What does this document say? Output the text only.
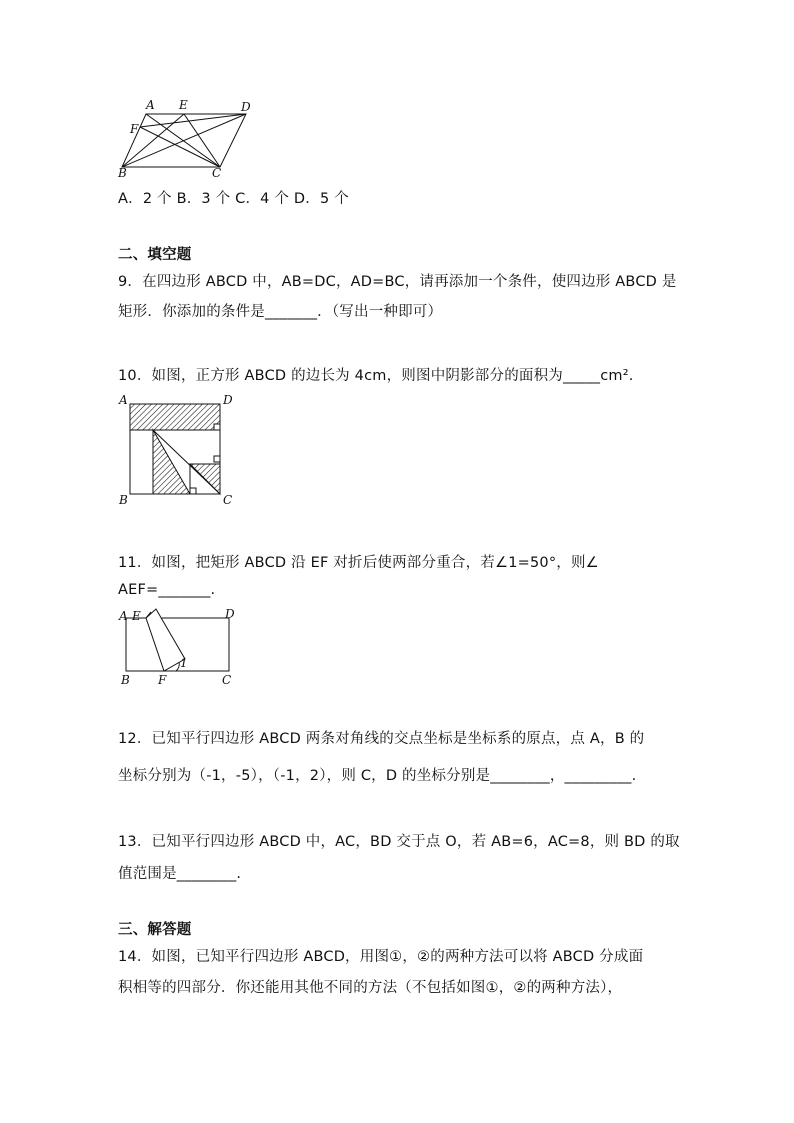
A E	D
F
B	C
A．2 个 B．3 个 C．4 个 D．5 个
二、填空题
9．在四边形 ABCD 中，AB=DC，AD=BC，请再添加一个条件，使四边形 ABCD 是
矩形．你添加的条件是_______．（写出一种即可）
10．如图，正方形 ABCD 的边长为 4cm，则图中阴影部分的面积为_____cm².
A	D
B	C
11．如图，把矩形 ABCD 沿 EF 对折后使两部分重合，若∠1=50°，则∠
AEF=_______.
A E	D
B F	C
1
12．已知平行四边形 ABCD 两条对角线的交点坐标是坐标系的原点，点 A，B 的
坐标分别为（-1，-5），（-1，2），则 C，D 的坐标分别是________，_________.
13．已知平行四边形 ABCD 中，AC，BD 交于点 O，若 AB=6，AC=8，则 BD 的取
值范围是________.
三、解答题
14．如图，已知平行四边形 ABCD，用图①，②的两种方法可以将 ABCD 分成面
积相等的四部分．你还能用其他不同的方法（不包括如图①，②的两种方法），
